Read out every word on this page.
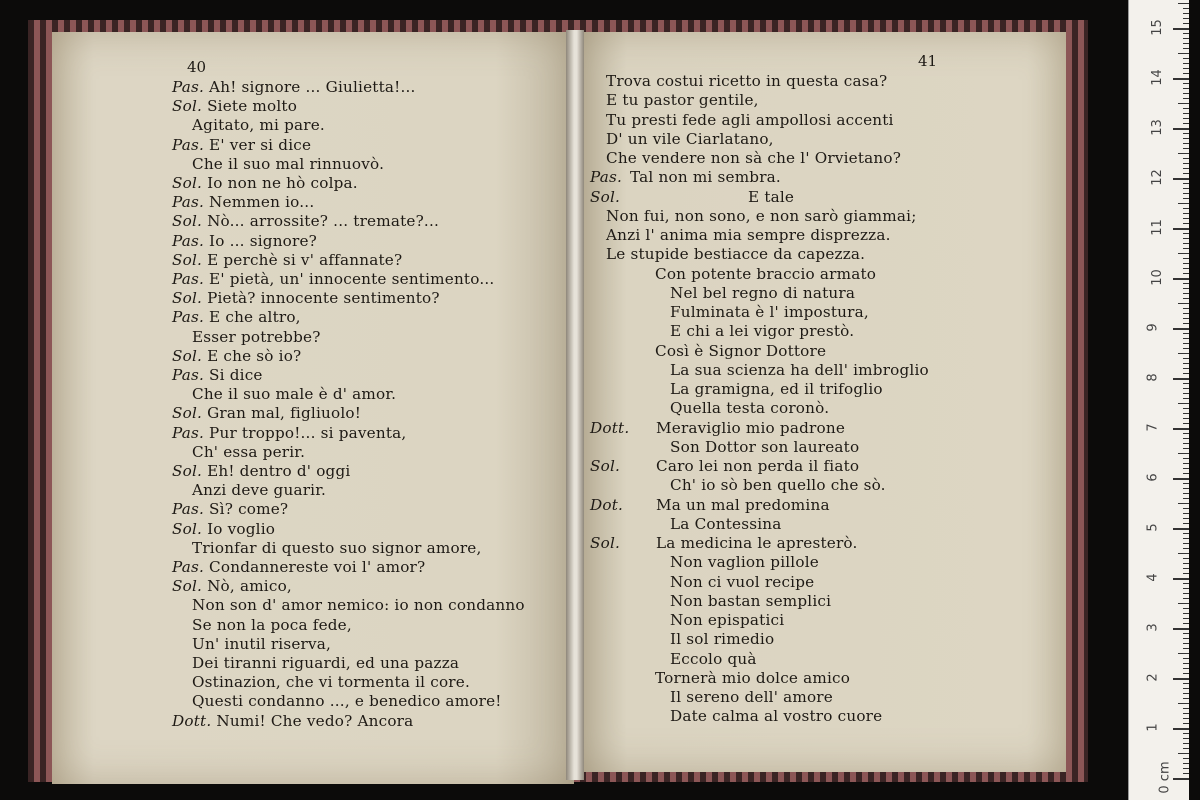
40	41
Pas. Ah! signore ... Giulietta!...
Sol. Siete molto
Agitato, mi pare.
Pas. E' ver si dice
Che il suo mal rinnuovò.
Sol. Io non ne hò colpa.
Pas. Nemmen io...
Sol. Nò... arrossite? ... tremate?...
Pas. Io ... signore?
Sol. E perchè si v' affannate?
Pas. E' pietà, un' innocente sentimento...
Sol. Pietà? innocente sentimento?
Pas. E che altro,
Esser potrebbe?
Sol. E che sò io?
Pas. Si dice
Che il suo male è d' amor.
Sol. Gran mal, figliuolo!
Pas. Pur troppo!... si paventa,
Ch' essa perir.
Sol. Eh! dentro d' oggi
Anzi deve guarir.
Pas. Sì? come?
Sol. Io voglio
Trionfar di questo suo signor amore,
Pas. Condannereste voi l' amor?
Sol. Nò, amico,
Non son d' amor nemico: io non condanno
Se non la poca fede,
Un' inutil riserva,
Dei tiranni riguardi, ed una pazza
Ostinazion, che vi tormenta il core.
Questi condanno ..., e benedico amore!
Dott. Numi! Che vedo? Ancora
Trova costui ricetto in questa casa?
E tu pastor gentile,
Tu presti fede agli ampollosi accenti
D' un vile Ciarlatano,
Che vendere non sà che l' Orvietano?
Pas. Tal non mi sembra.
Sol.	E tale
Non fui, non sono, e non sarò giammai;
Anzi l' anima mia sempre disprezza.
Le stupide bestiacce da capezza.
Con potente braccio armato
Nel bel regno di natura
Fulminata è l' impostura,
E chi a lei vigor prestò.
Così è Signor Dottore
La sua scienza ha dell' imbroglio
La gramigna, ed il trifoglio
Quella testa coronò.
Dott. Meraviglio mio padrone
Son Dottor son laureato
Sol. Caro lei non perda il fiato
Ch' io sò ben quello che sò.
Dot. Ma un mal predomina
La Contessina
Sol. La medicina le apresterò.
Non vaglion pillole
Non ci vuol recipe
Non bastan semplici
Non epispatici
Il sol rimedio
Eccolo quà
Tornerà mio dolce amico
Il sereno dell' amore
Date calma al vostro cuore
0 cm
1
2
3
4
5
6
7
8
9
10
11
12
13
14
15
